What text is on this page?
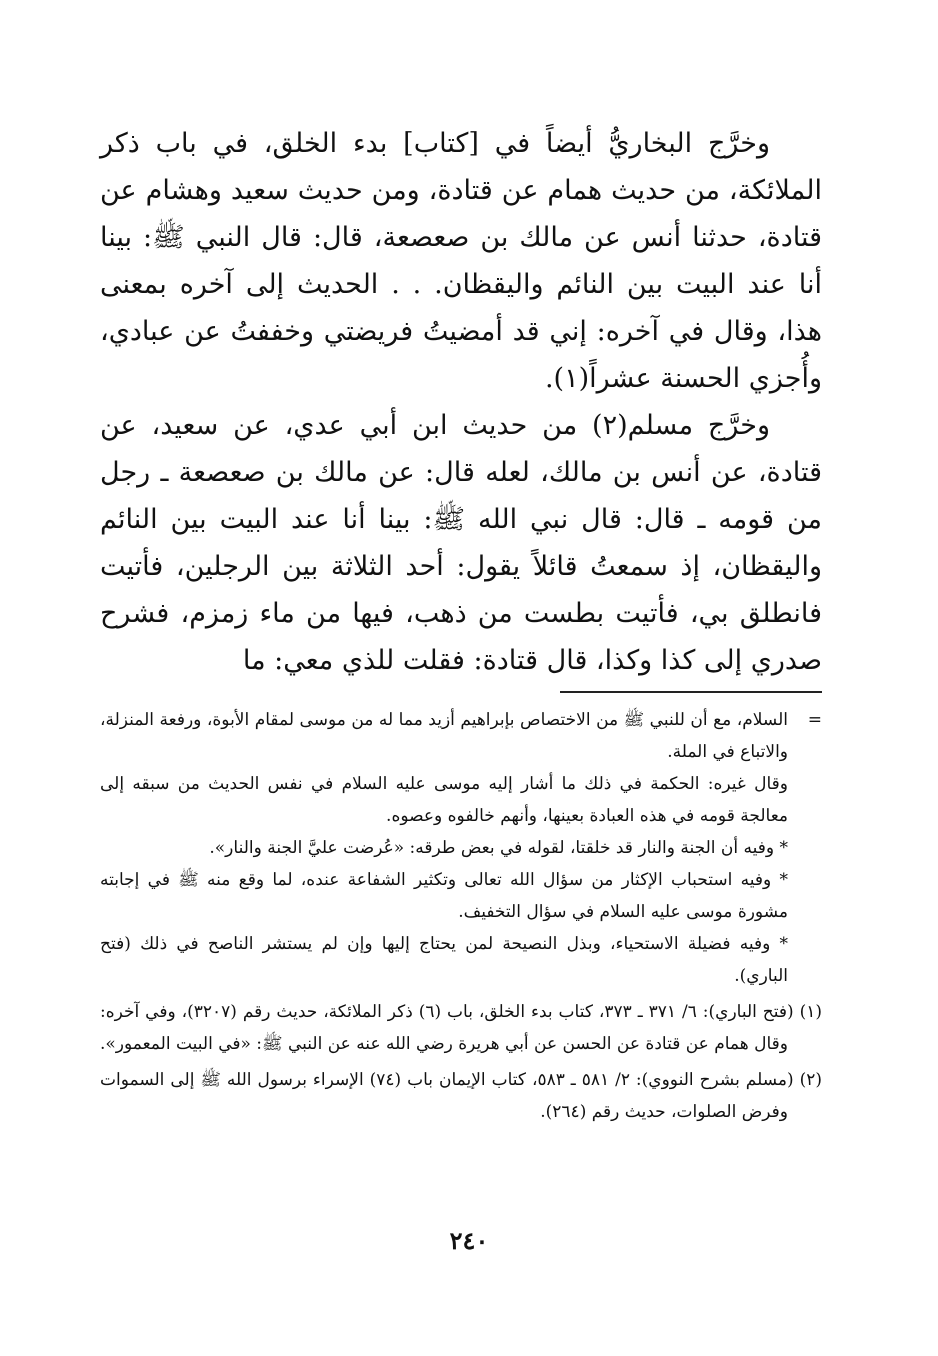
وخرَّج البخاريُّ أيضاً في [كتاب] بدء الخلق، في باب ذكر الملائكة، من حديث همام عن قتادة، ومن حديث سعيد وهشام عن قتادة، حدثنا أنس عن مالك بن صعصعة، قال: قال النبي ﷺ: بينا أنا عند البيت بين النائم واليقظان. . . الحديث إلى آخره بمعنى هذا، وقال في آخره: إني قد أمضيتُ فريضتي وخففتُ عن عبادي، وأُجزي الحسنة عشراً(١).

وخرَّج مسلم(٢) من حديث ابن أبي عدي، عن سعيد، عن قتادة، عن أنس بن مالك، لعله قال: عن مالك بن صعصعة ـ رجل من قومه ـ قال: قال نبي الله ﷺ: بينا أنا عند البيت بين النائم واليقظان، إذ سمعتُ قائلاً يقول: أحد الثلاثة بين الرجلين، فأتيت فانطلق بي، فأتيت بطست من ذهب، فيها من ماء زمزم، فشرح صدري إلى كذا وكذا، قال قتادة: فقلت للذي معي: ما

=

السلام، مع أن للنبي ﷺ من الاختصاص بإبراهيم أزيد مما له من موسى لمقام الأبوة، ورفعة المنزلة، والاتباع في الملة.

وقال غيره: الحكمة في ذلك ما أشار إليه موسى عليه السلام في نفس الحديث من سبقه إلى معالجة قومه في هذه العبادة بعينها، وأنهم خالفوه وعصوه.

* وفيه أن الجنة والنار قد خلقتا، لقوله في بعض طرقه: «عُرضت عليَّ الجنة والنار».

* وفيه استحباب الإكثار من سؤال الله تعالى وتكثير الشفاعة عنده، لما وقع منه ﷺ في إجابته مشورة موسى عليه السلام في سؤال التخفيف.

* وفيه فضيلة الاستحياء، وبذل النصيحة لمن يحتاج إليها وإن لم يستشر الناصح في ذلك (فتح الباري).

(١) (فتح الباري): ٦/ ٣٧١ ـ ٣٧٣، كتاب بدء الخلق، باب (٦) ذكر الملائكة، حديث رقم (٣٢٠٧)، وفي آخره: وقال همام عن قتادة عن الحسن عن أبي هريرة رضي الله عنه عن النبي ﷺ: «في البيت المعمور».

(٢) (مسلم بشرح النووي): ٢/ ٥٨١ ـ ٥٨٣، كتاب الإيمان باب (٧٤) الإسراء برسول الله ﷺ إلى السموات وفرض الصلوات، حديث رقم (٢٦٤).

٢٤٠
